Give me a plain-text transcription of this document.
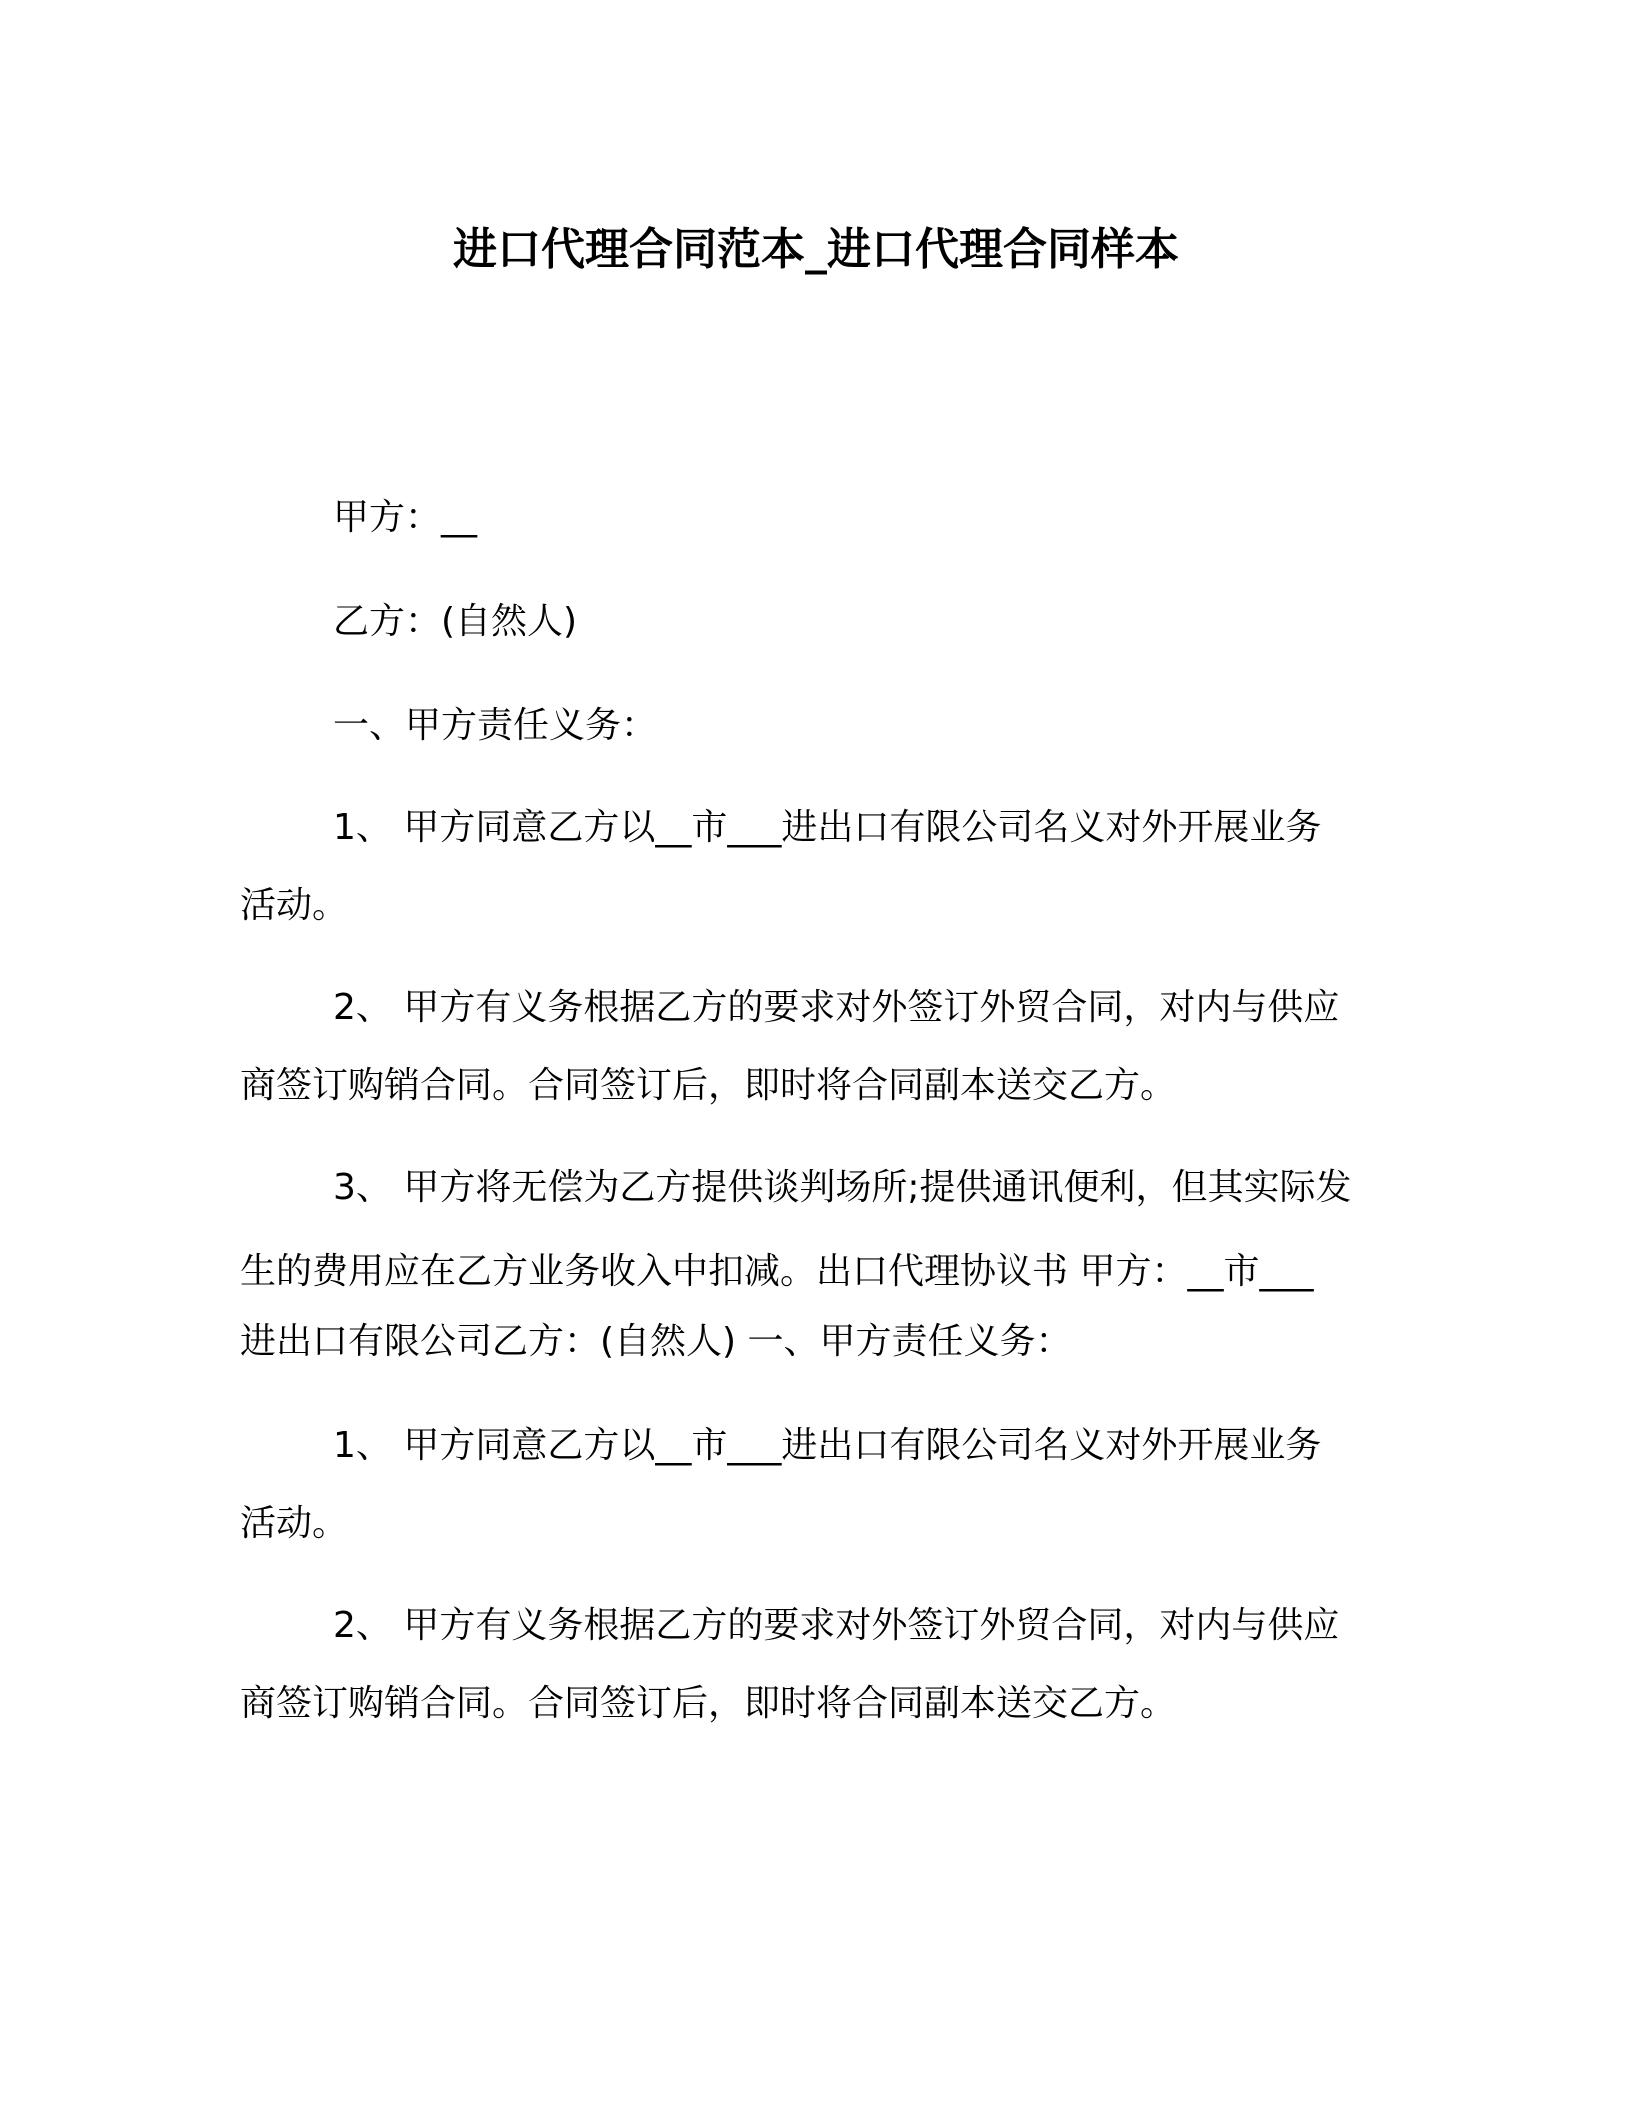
进口代理合同范本_进口代理合同样本
甲方：__
乙方：(自然人)
一、甲方责任义务：
1、 甲方同意乙方以__市___进出口有限公司名义对外开展业务
活动。
2、 甲方有义务根据乙方的要求对外签订外贸合同，对内与供应
商签订购销合同。合同签订后，即时将合同副本送交乙方。
3、 甲方将无偿为乙方提供谈判场所;提供通讯便利，但其实际发
生的费用应在乙方业务收入中扣减。出口代理协议书 甲方：__市___
进出口有限公司乙方：(自然人) 一、甲方责任义务：
1、 甲方同意乙方以__市___进出口有限公司名义对外开展业务
活动。
2、 甲方有义务根据乙方的要求对外签订外贸合同，对内与供应
商签订购销合同。合同签订后，即时将合同副本送交乙方。
